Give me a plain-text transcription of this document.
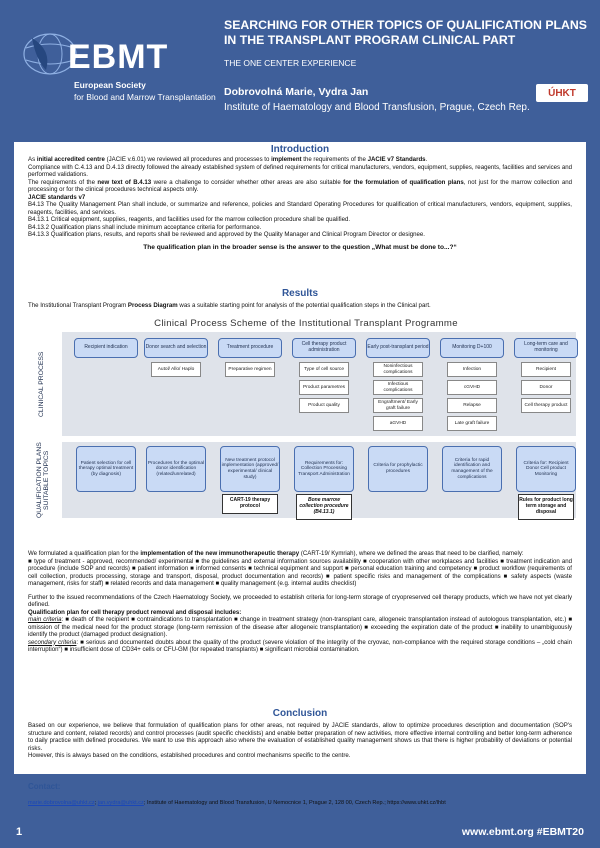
EBMT
European Society
for Blood and Marrow Transplantation
SEARCHING FOR OTHER TOPICS OF QUALIFICATION PLANS IN THE TRANSPLANT PROGRAM CLINICAL PART
THE ONE CENTER EXPERIENCE
Dobrovolná Marie, Vydra Jan
Institute of Haematology and Blood Transfusion, Prague, Czech Rep.
ÚHKT
Introduction

As initial accredited centre (JACIE v.6.01) we reviewed all procedures and processes to implement the requirements of the JACIE v7 Standards.

Compliance with C.4.13 and D.4.13 directly followed the already established system of defined requirements for critical manufacturers, vendors, equipment, supplies, reagents, facilities and services and performed validations.

The requirements of the new text of B.4.13 were a challenge to consider whether other areas are also suitable for the formulation of qualification plans, not just for the marrow collection and processing or for the clinical procedures technical aspects only.

JACIE standards v7

B4.13 The Quality Management Plan shall include, or summarize and reference, policies and Standard Operating Procedures for qualification of critical manufacturers, vendors, equipment, supplies, reagents, facilities, and services.

B4.13.1 Critical equipment, supplies, reagents, and facilities used for the marrow collection procedure shall be qualified.

B4.13.2 Qualification plans shall include minimum acceptance criteria for performance.

B4.13.3 Qualification plans, results, and reports shall be reviewed and approved by the Quality Manager and Clinical Program Director or designee.

The qualification plan in the broader sense is the answer to the question „What must be done to...?“

Results

The Institutional Transplant Program Process Diagram was a suitable starting point for analysis of the potential qualification steps in the Clinical part.

Clinical Process Scheme of the Institutional Transplant Programme
CLINICAL PROCESS
QUALIFICATION PLANS SUITABLE TOPICS
Recipient indication	Donor search and selection	Treatment procedure	Cell therapy product administration	Early post-transplant period	Monitoring D+100	Long-term care and monitoring
Autol/ Allo/ Haplo	Preparative regimen	Type of cell source
Product parametres
Product quality
Noninfectious complications
Infectious complications
Engraftment/ Early graft failure
aGVHD
Infection
cGVHD
Relapse
Late graft failure
Recipient
Donor
Cell therapy product
Patient selection for cell therapy optimal treatment (by diagnosis)
Procedures for the optimal donor identification (related/unrelated)
New treatment protocol implementation (approved/ experimental/ clinical study)
Requirements for: Collection Processing Transport Administration
Criteria for prophylactic procedures
Criteria for rapid identification and management of the complications
Criteria for: Recipient Donor Cell product Monitoring
CART-19 therapy protocol
Bone marrow collection procedure (B4.13.1)
Rules for product long term storage and disposal

We formulated a qualification plan for the implementation of the new immunotherapeutic therapy (CART-19/ Kymriah), where we defined the areas that need to be clarified, namely:

■ type of treatment - approved, recommended/ experimental ■ the guidelines and external information sources availability ■ cooperation with other workplaces and facilities ■ treatment indication and procedure (include SOP and records) ■ patient information ■ informed consents ■ technical equipment and support ■ personal education training and competency ■ product workflow (requirements of cell collection, products processing, storage and transport, disposal, product documentation and records) ■ patient specific risks and management of the complications ■ safety aspects (waste management, risks for staff) ■ related records and data management ■ quality management (e.g. internal audits checklist)

Further to the issued recommendations of the Czech Haematology Society, we proceeded to establish criteria for long-term storage of cryopreserved cell therapy products, which we have not yet clearly defined.

Qualification plan for cell therapy product removal and disposal includes:

main criteria: ■ death of the recipient ■ contraindications to transplantation ■ change in treatment strategy (non-transplant care, allogeneic transplantation instead of autologous transplantation, etc.) ■ omission of the medical need for the product storage (long-term remission of the disease after allogeneic transplantation) ■ exceeding the expiration date of the product ■ inability to unambiguously identify the product (damaged product designation).

secondary criteria: ■ serious and documented doubts about the quality of the product (severe violation of the integrity of the cryovac, non-compliance with the required storage conditions – „cold chain interruption“) ■ insufficient dose of CD34+ cells or CFU-GM (for repeated transplants) ■ significant microbial contamination.

Conclusion

Based on our experience, we believe that formulation of qualification plans for other areas, not required by JACIE standards, allow to optimize procedures description and documentation (SOP's structure and content, related records) and control processes (audit specific checklists) and enable better preparation of new activities, more effective internal controlling and better long-term adherence to daily practice with defined procedures. We want to use this approach also where the evaluation of established quality management shows us that there is higher probability of deviations or potential risks.

However, this is always based on the conditions, established procedures and control mechanisms specific to the centre.

Contact:
marie.dobrovolna@uhkt.cz; jan.vydra@uhkt.cz; Institute of Haematology and Blood Transfusion, U Nemocnice 1, Prague 2, 128 00, Czech Rep.; https://www.uhkt.cz/lhbt
1	www.ebmt.org #EBMT20
